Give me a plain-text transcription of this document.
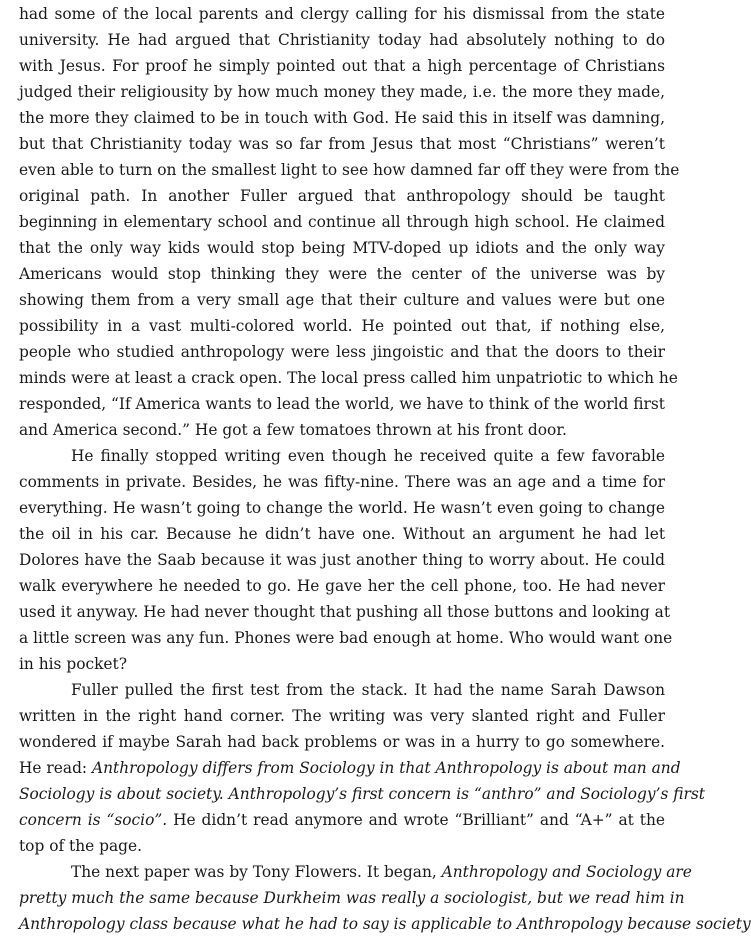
had some of the local parents and clergy calling for his dismissal from the state
university. He had argued that Christianity today had absolutely nothing to do
with Jesus. For proof he simply pointed out that a high percentage of Christians
judged their religiousity by how much money they made, i.e. the more they made,
the more they claimed to be in touch with God. He said this in itself was damning,
but that Christianity today was so far from Jesus that most “Christians” weren’t
even able to turn on the smallest light to see how damned far off they were from the
original path. In another Fuller argued that anthropology should be taught
beginning in elementary school and continue all through high school. He claimed
that the only way kids would stop being MTV-doped up idiots and the only way
Americans would stop thinking they were the center of the universe was by
showing them from a very small age that their culture and values were but one
possibility in a vast multi-colored world. He pointed out that, if nothing else,
people who studied anthropology were less jingoistic and that the doors to their
minds were at least a crack open. The local press called him unpatriotic to which he
responded, “If America wants to lead the world, we have to think of the world first
and America second.” He got a few tomatoes thrown at his front door.
He finally stopped writing even though he received quite a few favorable
comments in private. Besides, he was fifty-nine. There was an age and a time for
everything. He wasn’t going to change the world. He wasn’t even going to change
the oil in his car. Because he didn’t have one. Without an argument he had let
Dolores have the Saab because it was just another thing to worry about. He could
walk everywhere he needed to go. He gave her the cell phone, too. He had never
used it anyway. He had never thought that pushing all those buttons and looking at
a little screen was any fun. Phones were bad enough at home. Who would want one
in his pocket?
Fuller pulled the first test from the stack. It had the name Sarah Dawson
written in the right hand corner. The writing was very slanted right and Fuller
wondered if maybe Sarah had back problems or was in a hurry to go somewhere.
He read: Anthropology differs from Sociology in that Anthropology is about man and
Sociology is about society. Anthropology’s first concern is “anthro” and Sociology’s first
concern is “socio”. He didn’t read anymore and wrote “Brilliant” and “A+” at the
top of the page.
The next paper was by Tony Flowers. It began, Anthropology and Sociology are
pretty much the same because Durkheim was really a sociologist, but we read him in
Anthropology class because what he had to say is applicable to Anthropology because society
